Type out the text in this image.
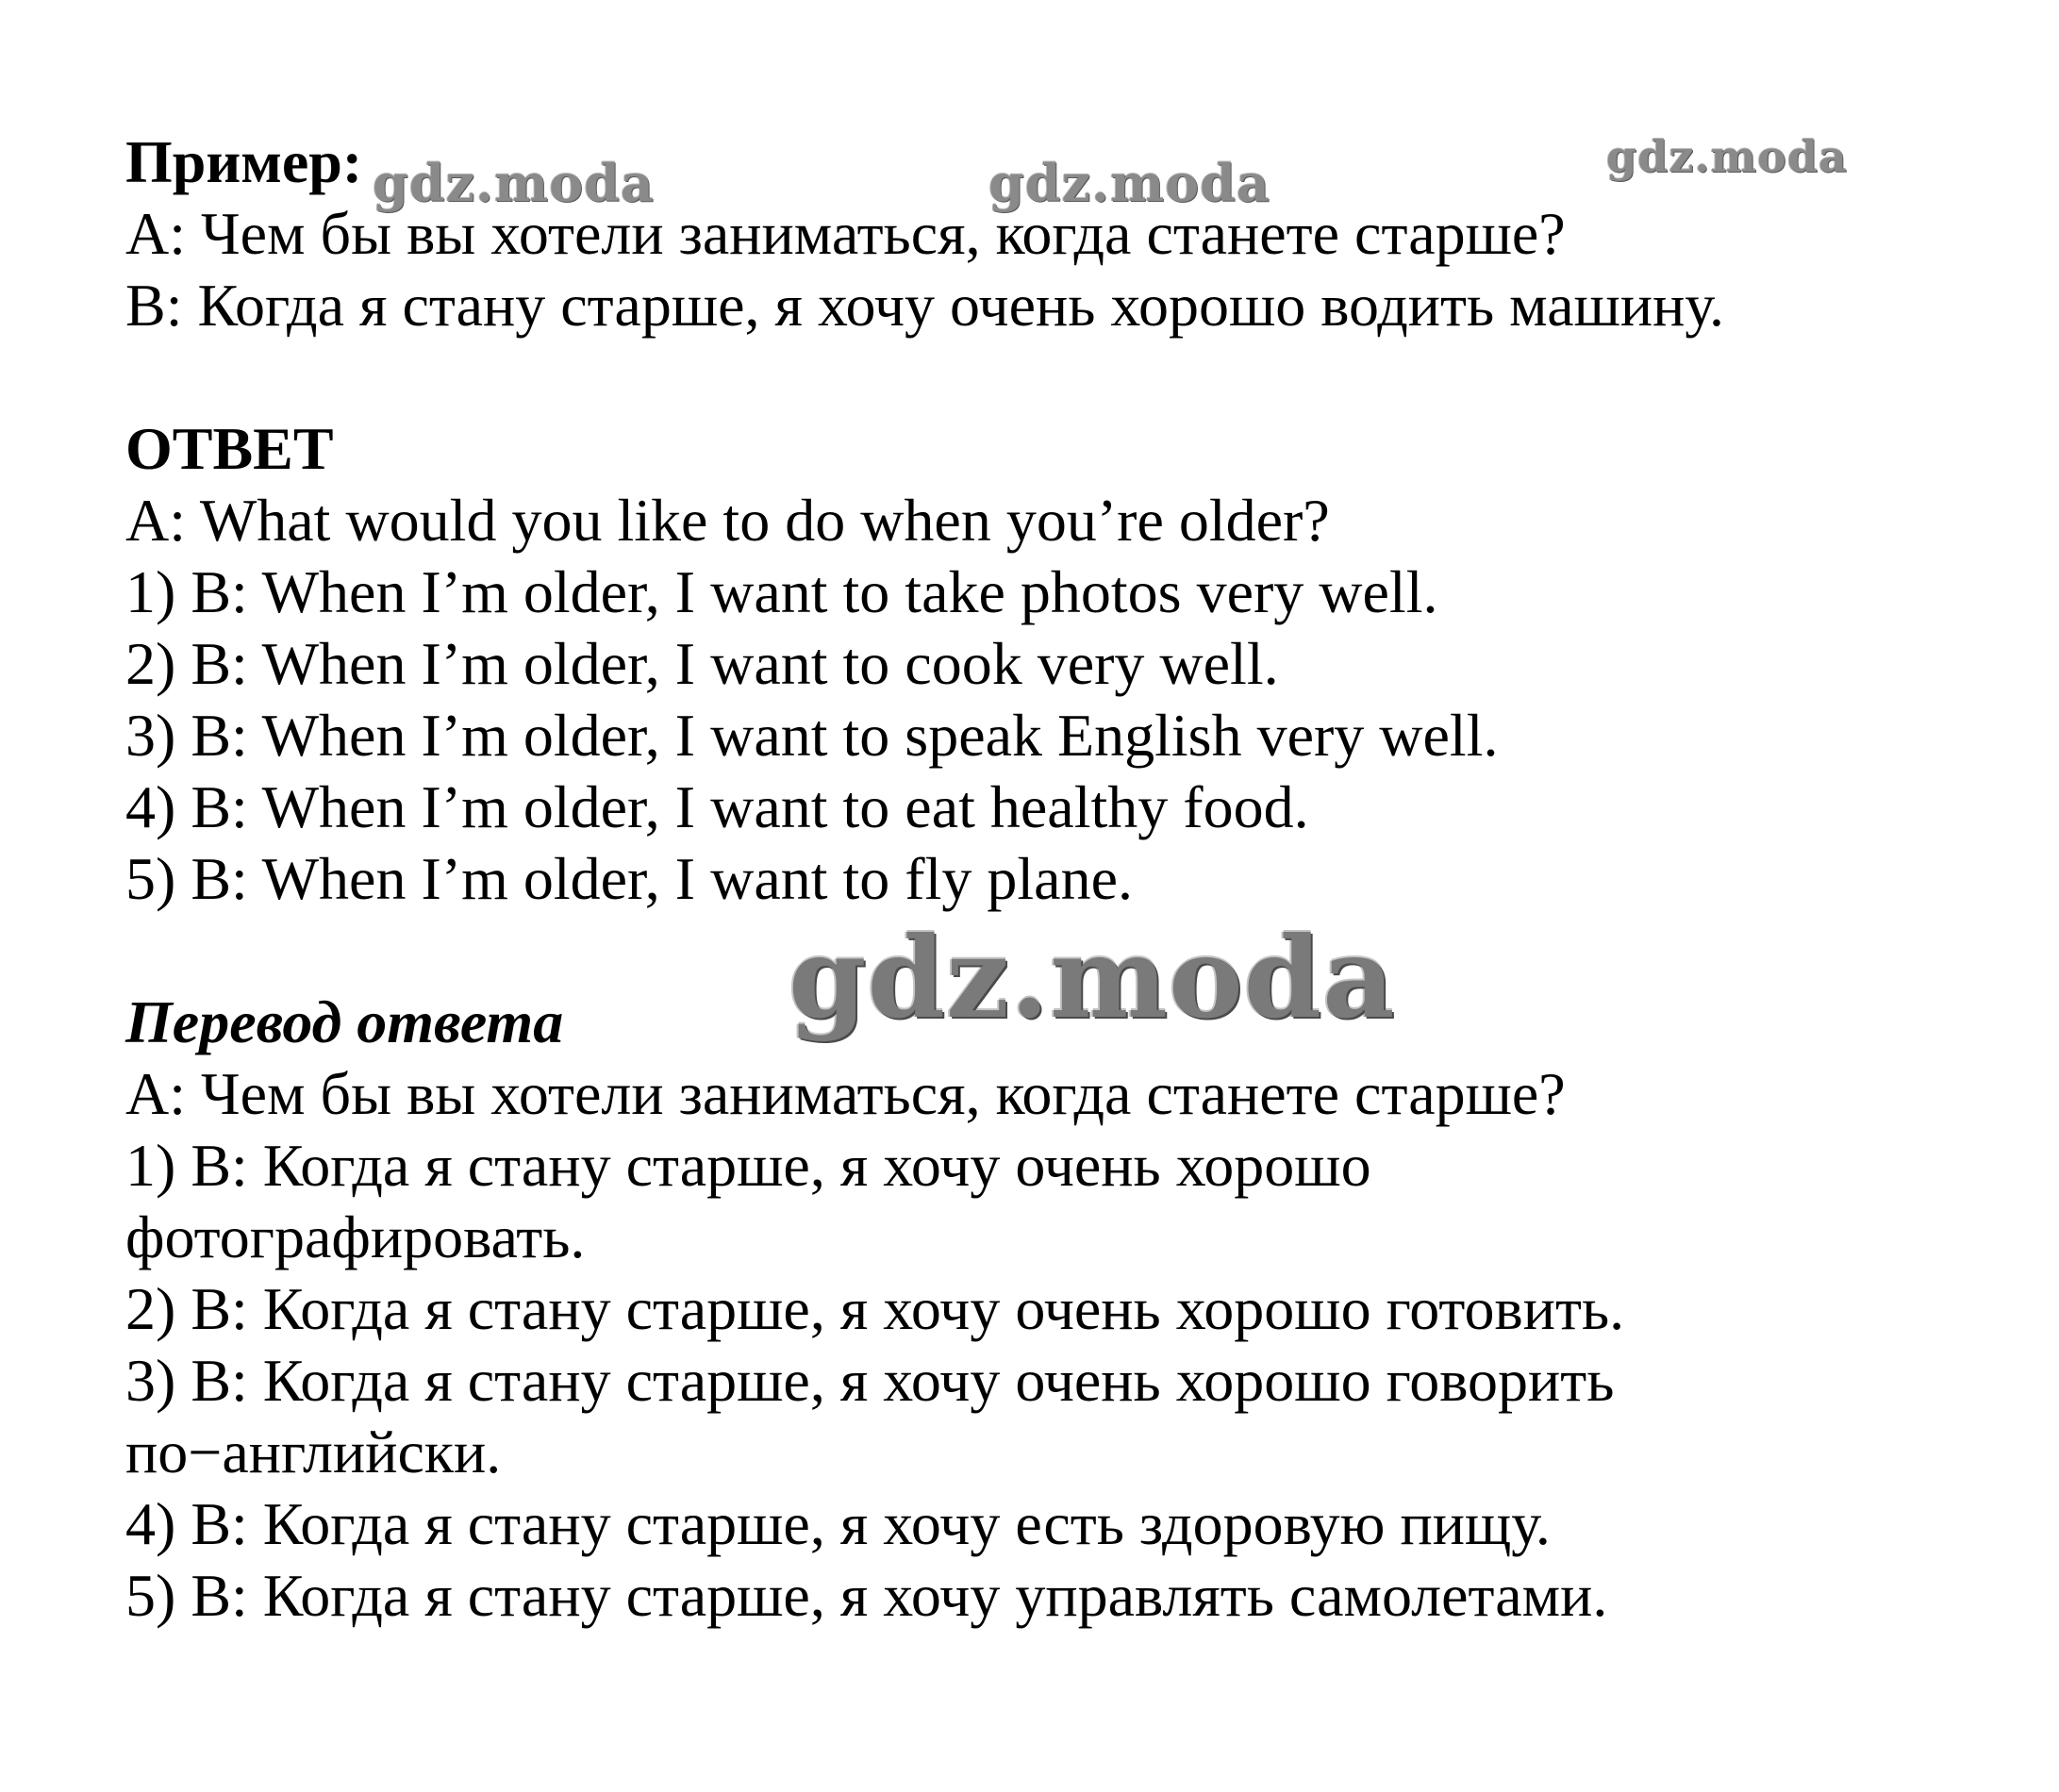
Пример:
А: Чем бы вы хотели заниматься, когда станете старше?
B: Когда я стану старше, я хочу очень хорошо водить машину.
ОТВЕТ
A: What would you like to do when you’re older?
1) B: When I’m older, I want to take photos very well.
2) B: When I’m older, I want to cook very well.
3) B: When I’m older, I want to speak English very well.
4) B: When I’m older, I want to eat healthy food.
5) B: When I’m older, I want to fly plane.
Перевод ответа
А: Чем бы вы хотели заниматься, когда станете старше?
1) B: Когда я стану старше, я хочу очень хорошо
фотографировать.
2) B: Когда я стану старше, я хочу очень хорошо готовить.
3) B: Когда я стану старше, я хочу очень хорошо говорить
по−английски.
4) B: Когда я стану старше, я хочу есть здоровую пищу.
5) B: Когда я стану старше, я хочу управлять самолетами.
gdz.moda	gdz.moda	gdz.moda
gdz.moda
